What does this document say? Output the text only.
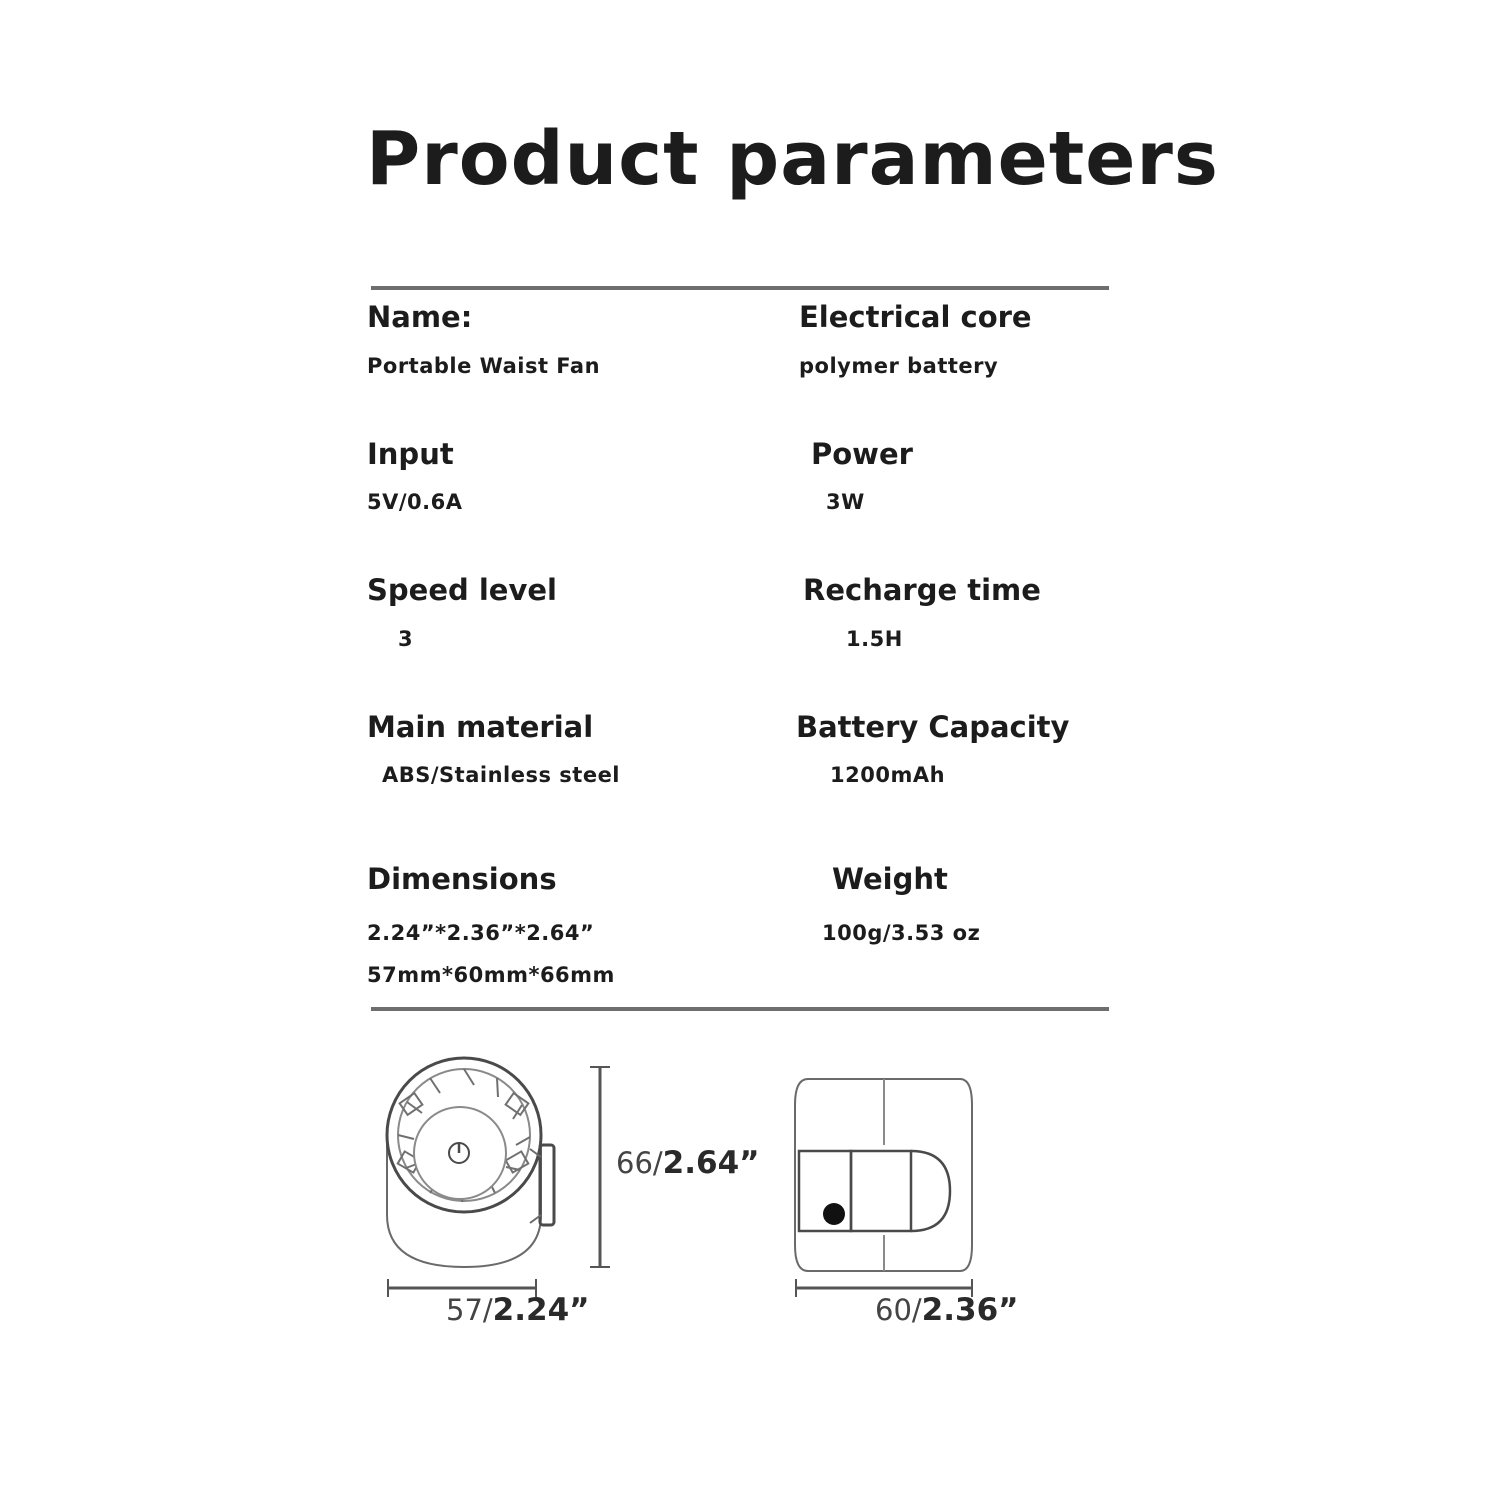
Product parameters
Name:
Portable Waist Fan
Electrical core
polymer battery
Input
5V/0.6A
Power
3W
Speed level
3
Recharge time
1.5H
Main material
ABS/Stainless steel
Battery Capacity
1200mAh
Dimensions
2.24”*2.36”*2.64”
57mm*60mm*66mm
Weight
100g/3.53 oz
66/2.64”
57/2.24”	60/2.36”
